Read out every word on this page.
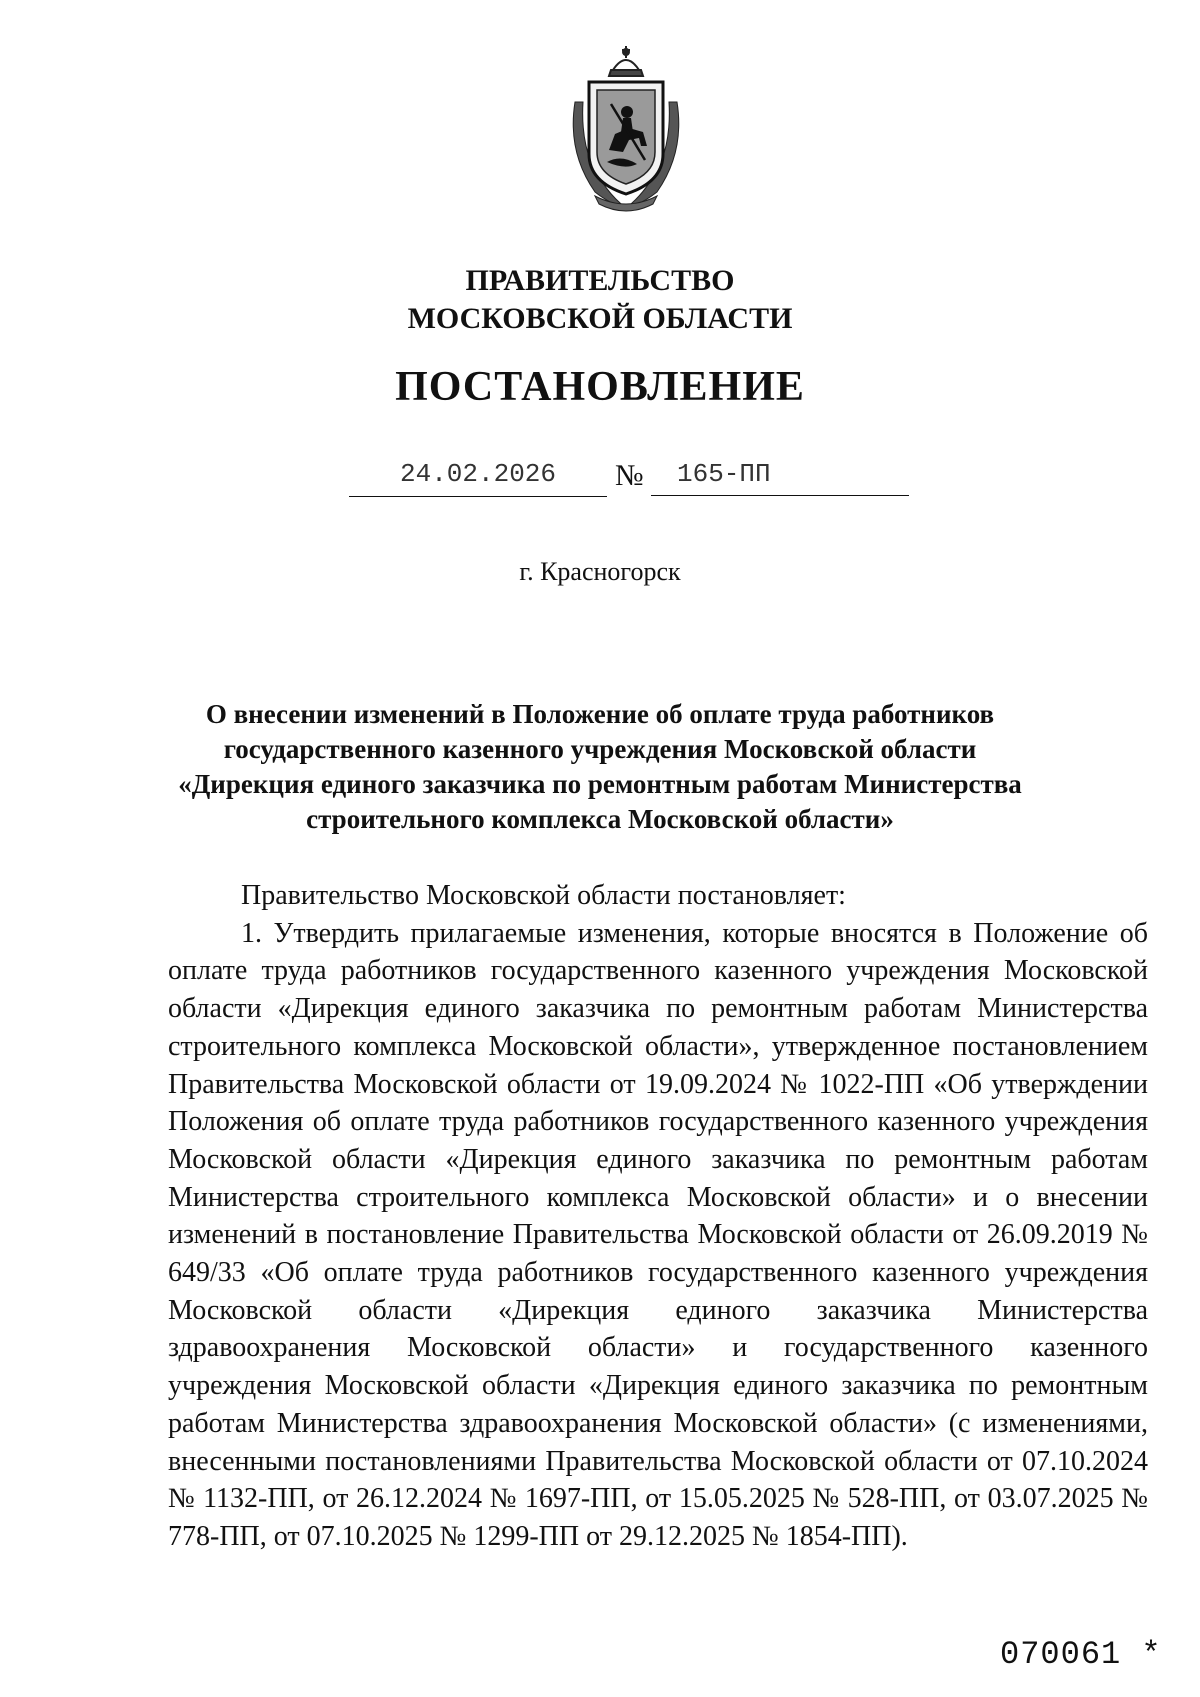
ПРАВИТЕЛЬСТВО
МОСКОВСКОЙ ОБЛАСТИ
ПОСТАНОВЛЕНИЕ
24.02.2026	№	165-ПП
г. Красногорск
О внесении изменений в Положение об оплате труда работников государственного казенного учреждения Московской области «Дирекция единого заказчика по ремонтным работам Министерства строительного комплекса Московской области»

Правительство Московской области постановляет:

1. Утвердить прилагаемые изменения, которые вносятся в Положение об оплате труда работников государственного казенного учреждения Московской области «Дирекция единого заказчика по ремонтным работам Министерства строительного комплекса Московской области», утвержденное постановлением Правительства Московской области от 19.09.2024 № 1022-ПП «Об утверждении Положения об оплате труда работников государственного казенного учреждения Московской области «Дирекция единого заказчика по ремонтным работам Министерства строительного комплекса Московской области» и о внесении изменений в постановление Правительства Московской области от 26.09.2019 № 649/33 «Об оплате труда работников государственного казенного учреждения Московской области «Дирекция единого заказчика Министерства здравоохранения Московской области» и государственного казенного учреждения Московской области «Дирекция единого заказчика по ремонтным работам Министерства здравоохранения Московской области» (с изменениями, внесенными постановлениями Правительства Московской области от 07.10.2024 № 1132-ПП, от 26.12.2024 № 1697-ПП, от 15.05.2025 № 528-ПП, от 03.07.2025 № 778-ПП, от 07.10.2025 № 1299-ПП от 29.12.2025 № 1854-ПП).

070061 *
